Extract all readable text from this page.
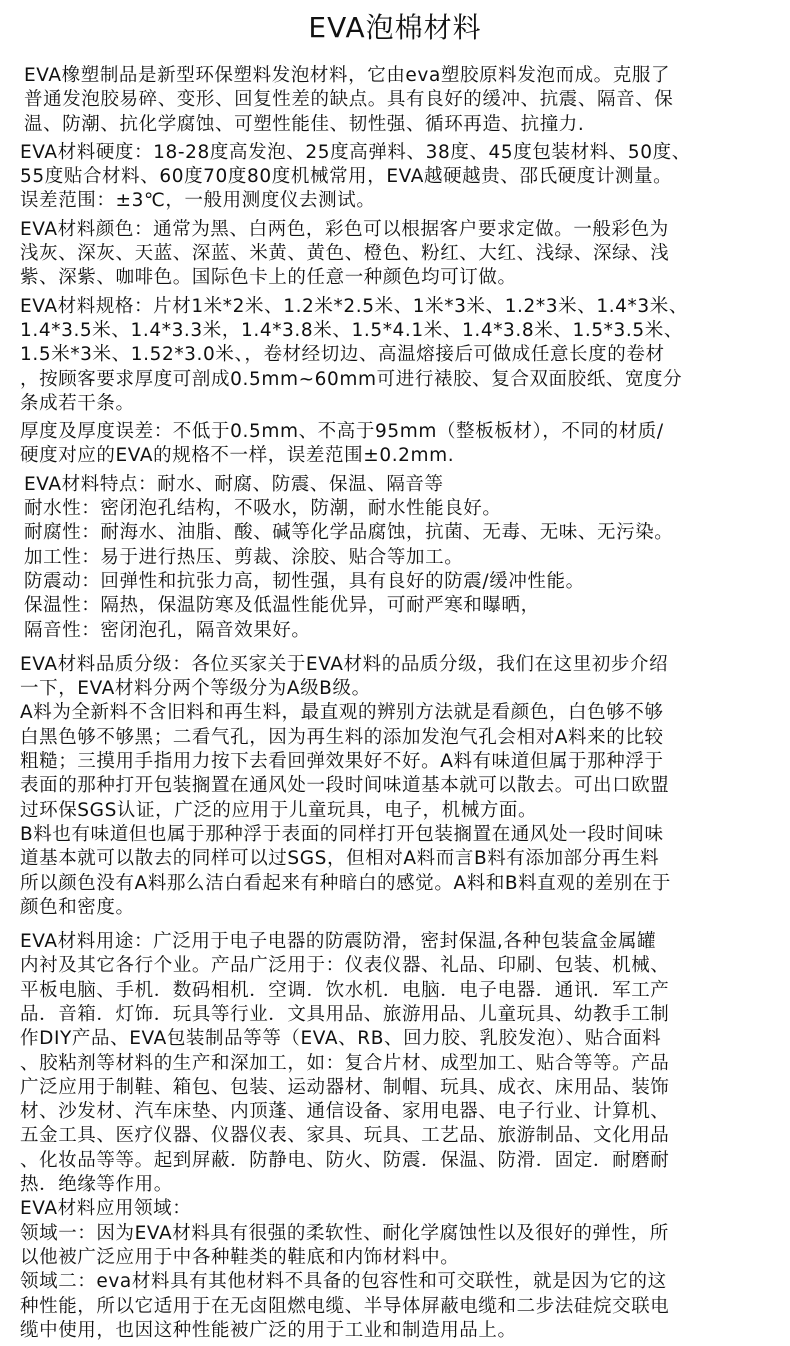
EVA泡棉材料
EVA橡塑制品是新型环保塑料发泡材料，它由eva塑胶原料发泡而成。克服了
普通发泡胶易碎、变形、回复性差的缺点。具有良好的缓冲、抗震、隔音、保
温、防潮、抗化学腐蚀、可塑性能佳、韧性强、循环再造、抗撞力.
EVA材料硬度：18-28度高发泡、25度高弹料、38度、45度包装材料、50度、
55度贴合材料、60度70度80度机械常用，EVA越硬越贵、邵氏硬度计测量。
误差范围：±3℃，一般用测度仪去测试。
EVA材料颜色：通常为黑、白两色，彩色可以根据客户要求定做。一般彩色为
浅灰、深灰、天蓝、深蓝、米黄、黄色、橙色、粉红、大红、浅绿、深绿、浅
紫、深紫、咖啡色。国际色卡上的任意一种颜色均可订做。
EVA材料规格：片材1米*2米、1.2米*2.5米、1米*3米、1.2*3米、1.4*3米、
1.4*3.5米、1.4*3.3米，1.4*3.8米、1.5*4.1米、1.4*3.8米、1.5*3.5米、
1.5米*3米、1.52*3.0米、，卷材经切边、高温熔接后可做成任意长度的卷材
，按顾客要求厚度可剖成0.5mm~60mm可进行裱胶、复合双面胶纸、宽度分
条成若干条。
厚度及厚度误差：不低于0.5mm、不高于95mm（整板板材），不同的材质/
硬度对应的EVA的规格不一样，误差范围±0.2mm.
EVA材料特点：耐水、耐腐、防震、保温、隔音等
耐水性：密闭泡孔结构，不吸水，防潮，耐水性能良好。
耐腐性：耐海水、油脂、酸、碱等化学品腐蚀，抗菌、无毒、无味、无污染。
加工性：易于进行热压、剪裁、涂胶、贴合等加工。
防震动：回弹性和抗张力高，韧性强，具有良好的防震/缓冲性能。
保温性：隔热，保温防寒及低温性能优异，可耐严寒和曝晒，
隔音性：密闭泡孔，隔音效果好。
EVA材料品质分级：各位买家关于EVA材料的品质分级，我们在这里初步介绍
一下，EVA材料分两个等级分为A级B级。
A料为全新料不含旧料和再生料，最直观的辨别方法就是看颜色，白色够不够
白黑色够不够黑；二看气孔，因为再生料的添加发泡气孔会相对A料来的比较
粗糙；三摸用手指用力按下去看回弹效果好不好。A料有味道但属于那种浮于
表面的那种打开包装搁置在通风处一段时间味道基本就可以散去。可出口欧盟
过环保SGS认证，广泛的应用于儿童玩具，电子，机械方面。
B料也有味道但也属于那种浮于表面的同样打开包装搁置在通风处一段时间味
道基本就可以散去的同样可以过SGS，但相对A料而言B料有添加部分再生料
所以颜色没有A料那么洁白看起来有种暗白的感觉。A料和B料直观的差别在于
颜色和密度。
EVA材料用途：广泛用于电子电器的防震防滑，密封保温,各种包装盒金属罐
内衬及其它各行个业。产品广泛用于：仪表仪器、礼品、印刷、包装、机械、
平板电脑、手机．数码相机．空调．饮水机．电脑．电子电器．通讯．军工产
品．音箱．灯饰．玩具等行业．文具用品、旅游用品、儿童玩具、幼教手工制
作DIY产品、EVA包装制品等等（EVA、RB、回力胶、乳胶发泡）、贴合面料
、胶粘剂等材料的生产和深加工，如：复合片材、成型加工、贴合等等。产品
广泛应用于制鞋、箱包、包装、运动器材、制帽、玩具、成衣、床用品、装饰
材、沙发材、汽车床垫、内顶蓬、通信设备、家用电器、电子行业、计算机、
五金工具、医疗仪器、仪器仪表、家具、玩具、工艺品、旅游制品、文化用品
、化妆品等等。起到屏蔽．防静电、防火、防震．保温、防滑．固定．耐磨耐
热．绝缘等作用。
EVA材料应用领域：
领域一：因为EVA材料具有很强的柔软性、耐化学腐蚀性以及很好的弹性，所
以他被广泛应用于中各种鞋类的鞋底和内饰材料中。
领域二：eva材料具有其他材料不具备的包容性和可交联性，就是因为它的这
种性能，所以它适用于在无卤阻燃电缆、半导体屏蔽电缆和二步法硅烷交联电
缆中使用，也因这种性能被广泛的用于工业和制造用品上。
